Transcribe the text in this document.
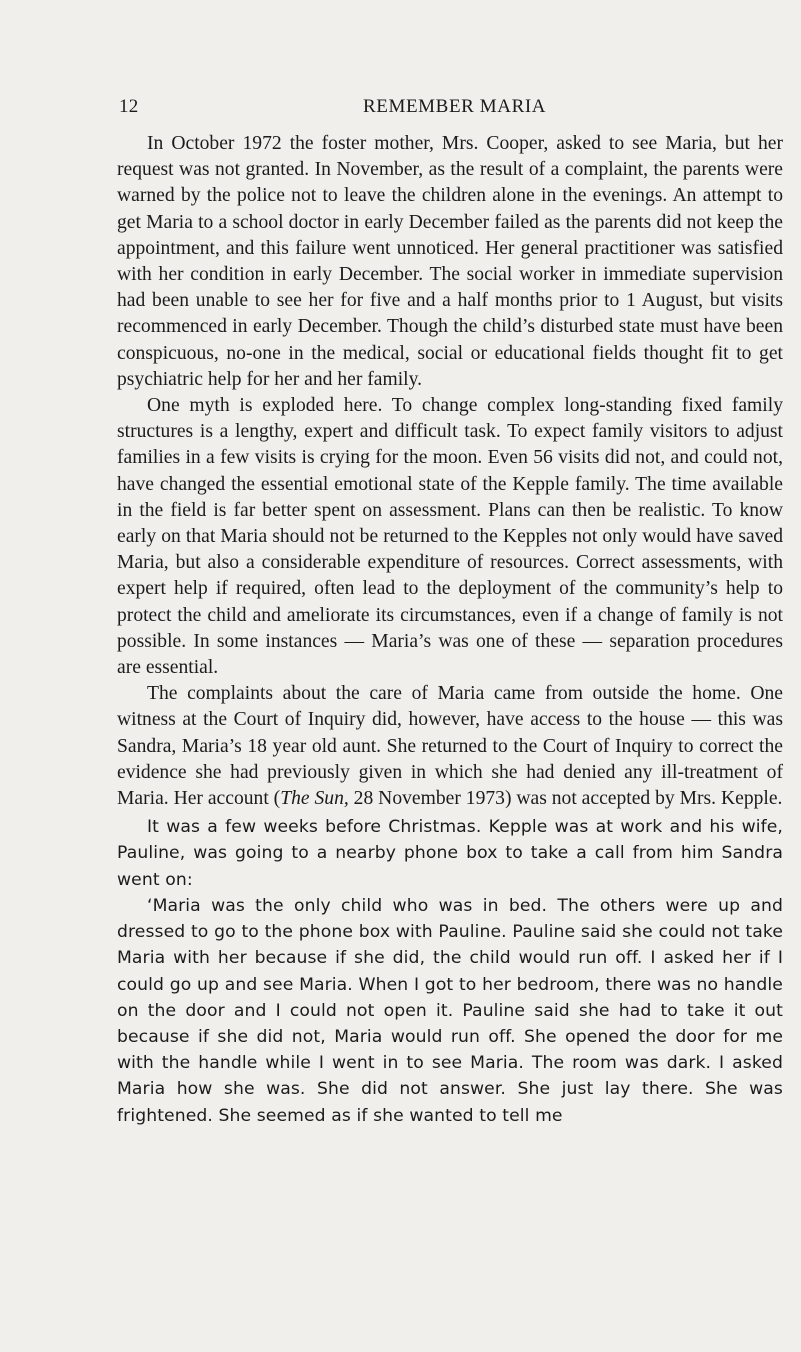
12	REMEMBER MARIA

In October 1972 the foster mother, Mrs. Cooper, asked to see Maria, but her request was not granted. In November, as the result of a complaint, the parents were warned by the police not to leave the children alone in the evenings. An attempt to get Maria to a school doctor in early December failed as the parents did not keep the appointment, and this failure went unnoticed. Her general practitioner was satisfied with her condition in early December. The social worker in immediate supervision had been unable to see her for five and a half months prior to 1 August, but visits recommenced in early December. Though the child’s disturbed state must have been conspicuous, no-one in the medical, social or educational fields thought fit to get psychiatric help for her and her family.

One myth is exploded here. To change complex long-standing fixed family structures is a lengthy, expert and difficult task. To expect family visitors to adjust families in a few visits is crying for the moon. Even 56 visits did not, and could not, have changed the essential emotional state of the Kepple family. The time available in the field is far better spent on assessment. Plans can then be realistic. To know early on that Maria should not be returned to the Kepples not only would have saved Maria, but also a considerable expenditure of resources. Correct assessments, with expert help if required, often lead to the deployment of the community’s help to protect the child and ameliorate its circumstances, even if a change of family is not possible. In some instances — Maria’s was one of these — separation procedures are essential.

The complaints about the care of Maria came from outside the home. One witness at the Court of Inquiry did, however, have access to the house — this was Sandra, Maria’s 18 year old aunt. She returned to the Court of Inquiry to correct the evidence she had previously given in which she had denied any ill-treatment of Maria. Her account (The Sun, 28 November 1973) was not accepted by Mrs. Kepple.

It was a few weeks before Christmas. Kepple was at work and his wife, Pauline, was going to a nearby phone box to take a call from him Sandra went on:

‘Maria was the only child who was in bed. The others were up and dressed to go to the phone box with Pauline. Pauline said she could not take Maria with her because if she did, the child would run off. I asked her if I could go up and see Maria. When I got to her bedroom, there was no handle on the door and I could not open it. Pauline said she had to take it out because if she did not, Maria would run off. She opened the door for me with the handle while I went in to see Maria. The room was dark. I asked Maria how she was. She did not answer. She just lay there. She was frightened. She seemed as if she wanted to tell me
